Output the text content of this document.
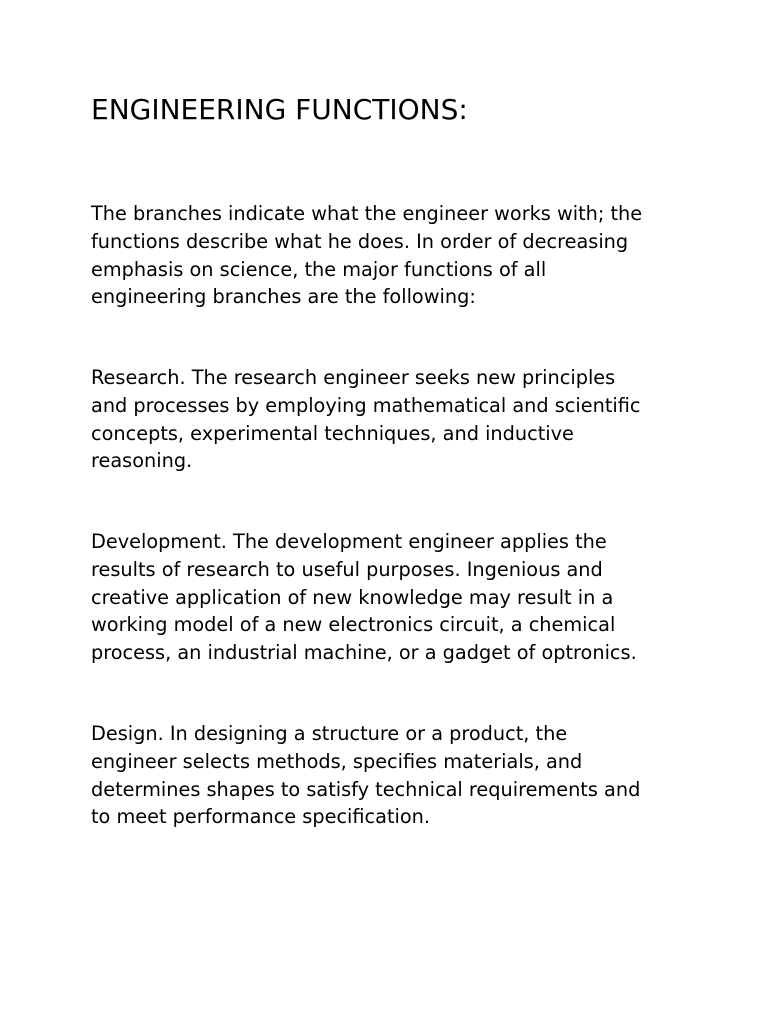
ENGINEERING FUNCTIONS:

The branches indicate what the engineer works with; the
functions describe what he does. In order of decreasing
emphasis on science, the major functions of all
engineering branches are the following:

Research. The research engineer seeks new principles
and processes by employing mathematical and scientific
concepts, experimental techniques, and inductive
reasoning.

Development. The development engineer applies the
results of research to useful purposes. Ingenious and
creative application of new knowledge may result in a
working model of a new electronics circuit, a chemical
process, an industrial machine, or a gadget of optronics.

Design. In designing a structure or a product, the
engineer selects methods, specifies materials, and
determines shapes to satisfy technical requirements and
to meet performance specification.
